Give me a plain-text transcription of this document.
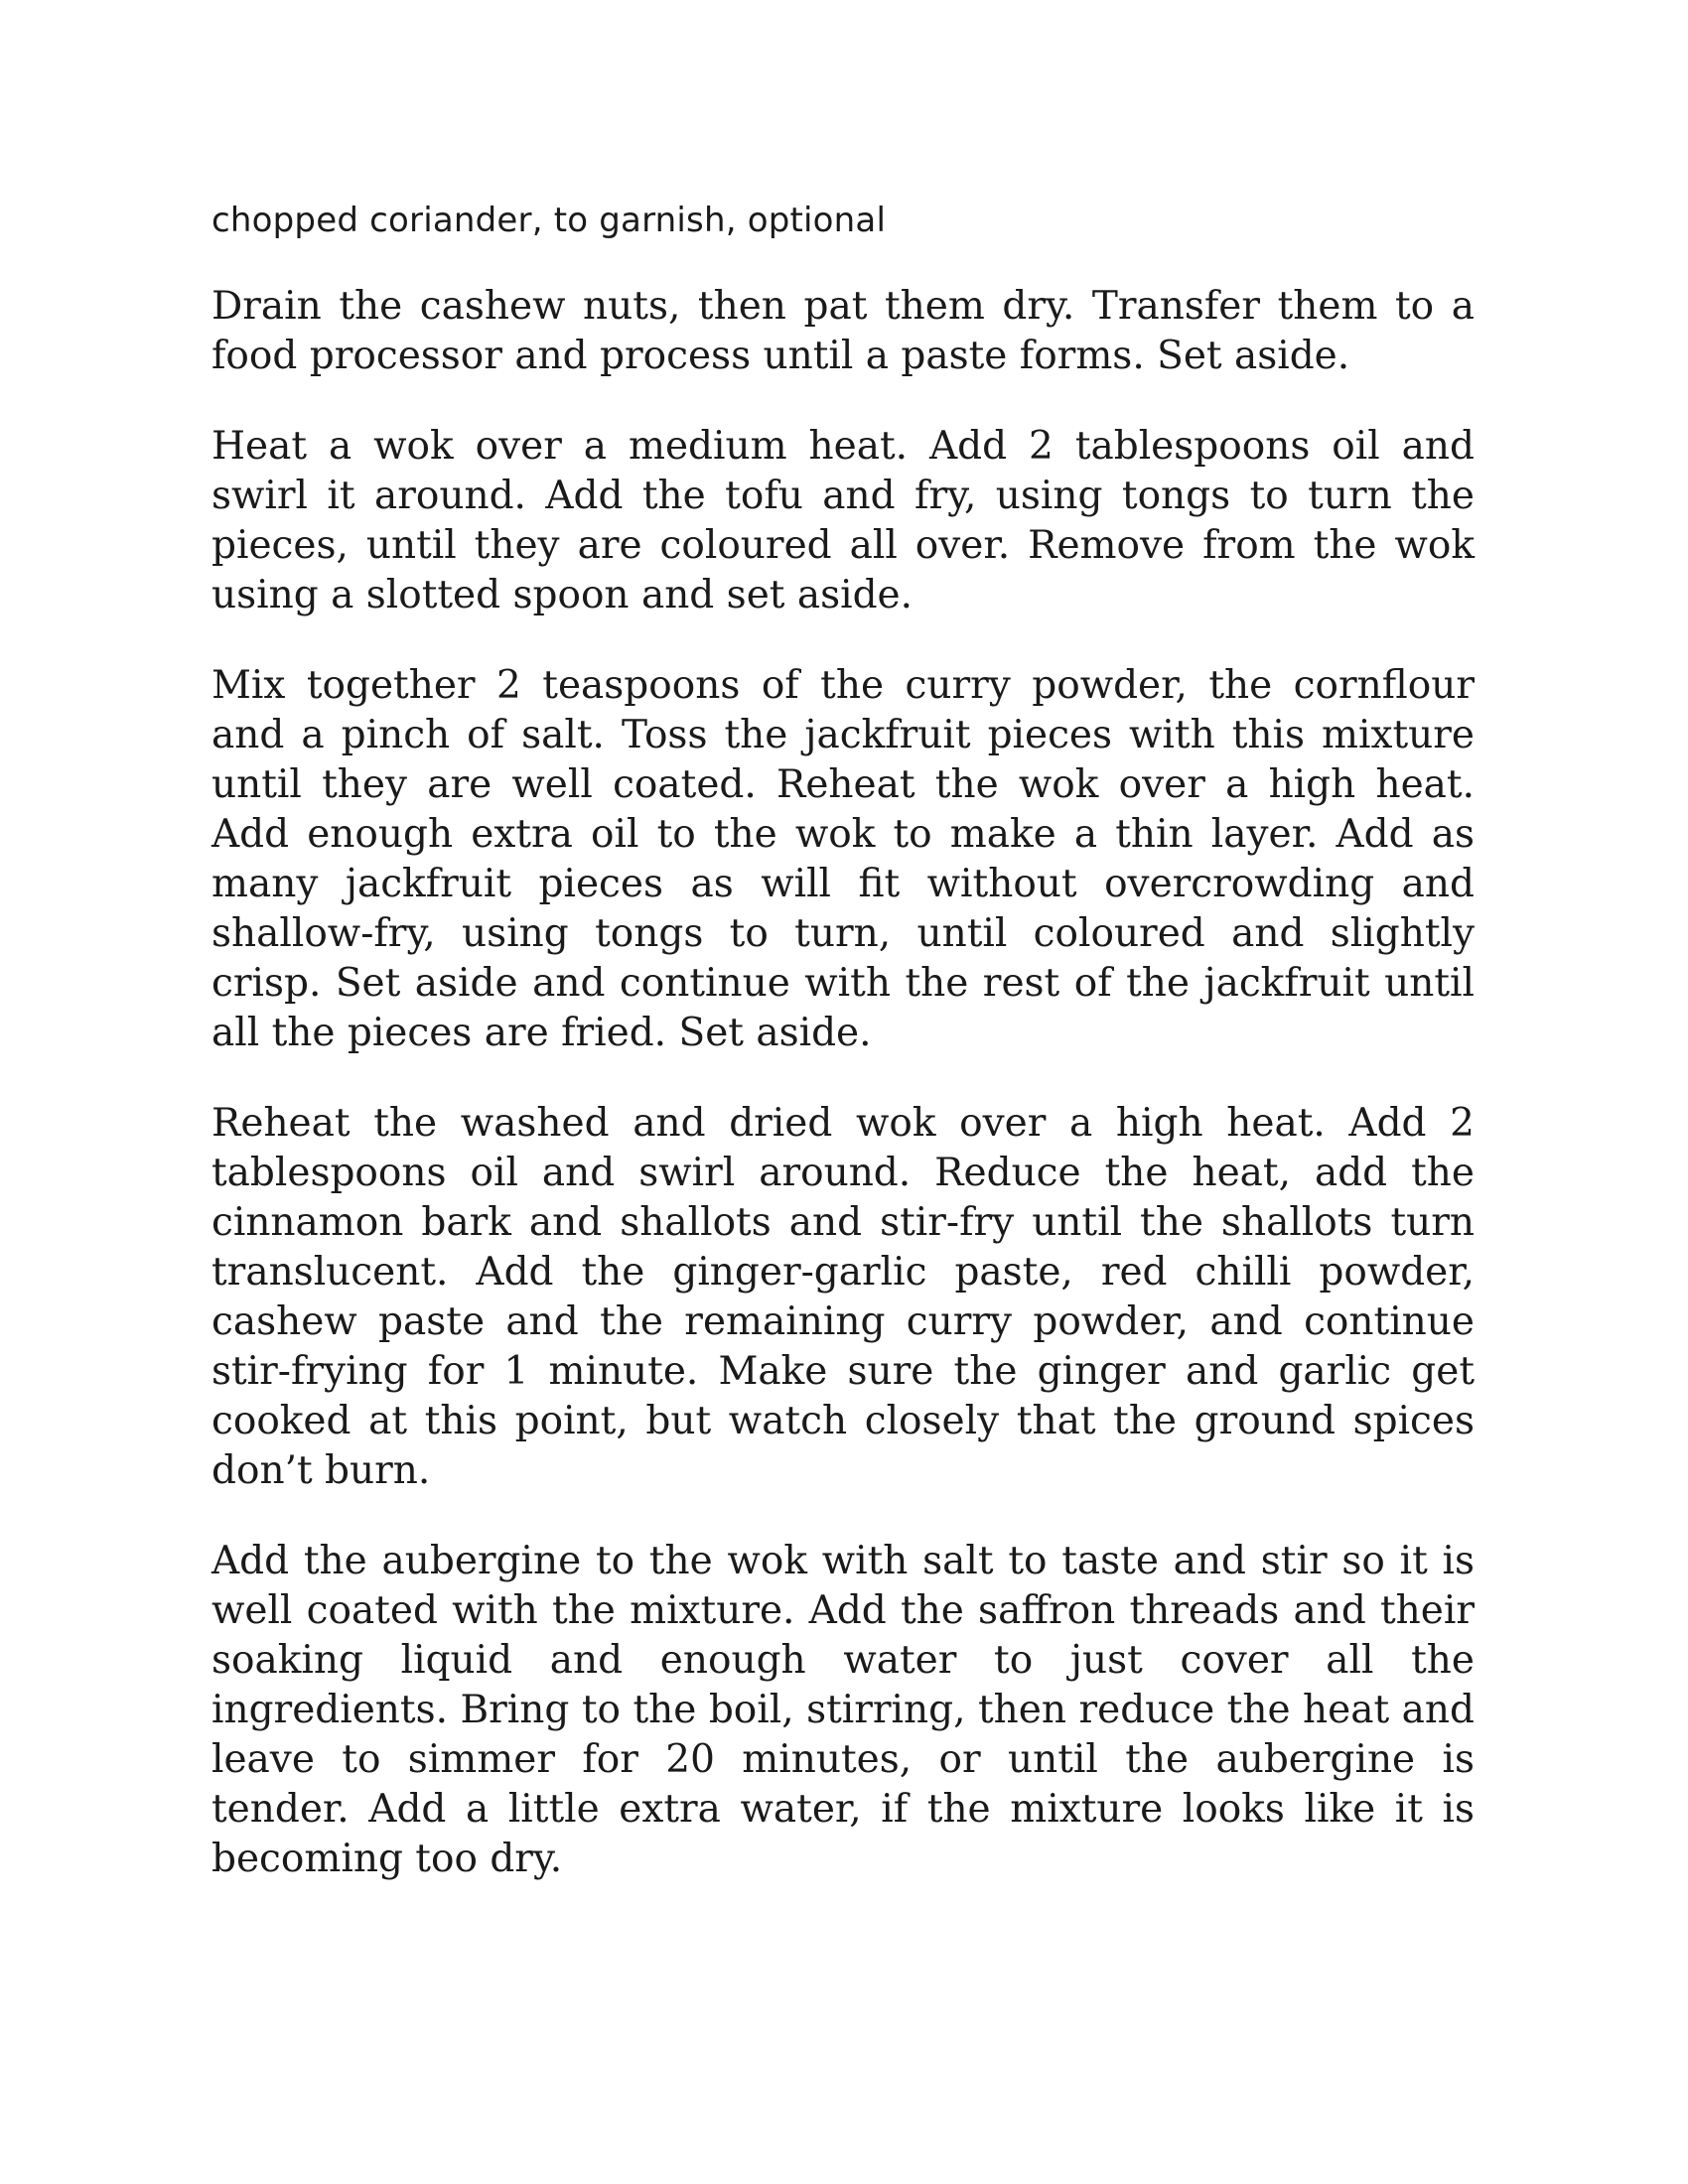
chopped coriander, to garnish, optional

Drain the cashew nuts, then pat them dry. Transfer them to a food processor and process until a paste forms. Set aside.

Heat a wok over a medium heat. Add 2 tablespoons oil and swirl it around. Add the tofu and fry, using tongs to turn the pieces, until they are coloured all over. Remove from the wok using a slotted spoon and set aside.

Mix together 2 teaspoons of the curry powder, the cornflour and a pinch of salt. Toss the jackfruit pieces with this mixture until they are well coated. Reheat the wok over a high heat. Add enough extra oil to the wok to make a thin layer. Add as many jackfruit pieces as will fit without overcrowding and shallow-fry, using tongs to turn, until coloured and slightly crisp. Set aside and continue with the rest of the jackfruit until all the pieces are fried. Set aside.

Reheat the washed and dried wok over a high heat. Add 2 tablespoons oil and swirl around. Reduce the heat, add the cinnamon bark and shallots and stir-fry until the shallots turn translucent. Add the ginger-garlic paste, red chilli powder, cashew paste and the remaining curry powder, and continue stir-frying for 1 minute. Make sure the ginger and garlic get cooked at this point, but watch closely that the ground spices don’t burn.

Add the aubergine to the wok with salt to taste and stir so it is well coated with the mixture. Add the saffron threads and their soaking liquid and enough water to just cover all the ingredients. Bring to the boil, stirring, then reduce the heat and leave to simmer for 20 minutes, or until the aubergine is tender. Add a little extra water, if the mixture looks like it is becoming too dry.
